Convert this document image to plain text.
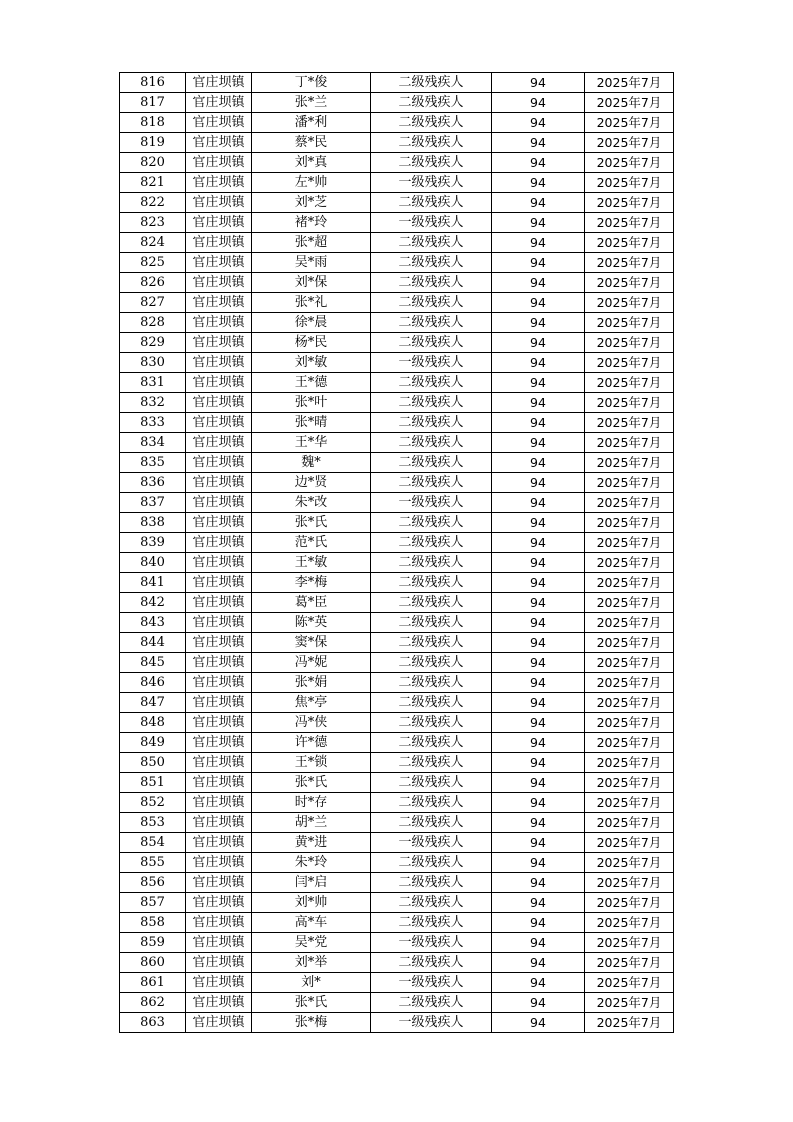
816	官庄坝镇	丁*俊	二级残疾人	94	2025年7月
817	官庄坝镇	张*兰	二级残疾人	94	2025年7月
818	官庄坝镇	潘*利	二级残疾人	94	2025年7月
819	官庄坝镇	蔡*民	二级残疾人	94	2025年7月
820	官庄坝镇	刘*真	二级残疾人	94	2025年7月
821	官庄坝镇	左*帅	一级残疾人	94	2025年7月
822	官庄坝镇	刘*芝	二级残疾人	94	2025年7月
823	官庄坝镇	褚*玲	一级残疾人	94	2025年7月
824	官庄坝镇	张*超	二级残疾人	94	2025年7月
825	官庄坝镇	吴*雨	二级残疾人	94	2025年7月
826	官庄坝镇	刘*保	二级残疾人	94	2025年7月
827	官庄坝镇	张*礼	二级残疾人	94	2025年7月
828	官庄坝镇	徐*晨	二级残疾人	94	2025年7月
829	官庄坝镇	杨*民	二级残疾人	94	2025年7月
830	官庄坝镇	刘*敏	一级残疾人	94	2025年7月
831	官庄坝镇	王*德	二级残疾人	94	2025年7月
832	官庄坝镇	张*叶	二级残疾人	94	2025年7月
833	官庄坝镇	张*晴	二级残疾人	94	2025年7月
834	官庄坝镇	王*华	二级残疾人	94	2025年7月
835	官庄坝镇	魏*	二级残疾人	94	2025年7月
836	官庄坝镇	边*贤	二级残疾人	94	2025年7月
837	官庄坝镇	朱*改	一级残疾人	94	2025年7月
838	官庄坝镇	张*氏	二级残疾人	94	2025年7月
839	官庄坝镇	范*氏	二级残疾人	94	2025年7月
840	官庄坝镇	王*敏	二级残疾人	94	2025年7月
841	官庄坝镇	李*梅	二级残疾人	94	2025年7月
842	官庄坝镇	葛*臣	二级残疾人	94	2025年7月
843	官庄坝镇	陈*英	二级残疾人	94	2025年7月
844	官庄坝镇	窦*保	二级残疾人	94	2025年7月
845	官庄坝镇	冯*妮	二级残疾人	94	2025年7月
846	官庄坝镇	张*娟	二级残疾人	94	2025年7月
847	官庄坝镇	焦*亭	二级残疾人	94	2025年7月
848	官庄坝镇	冯*侠	二级残疾人	94	2025年7月
849	官庄坝镇	许*德	二级残疾人	94	2025年7月
850	官庄坝镇	王*锁	二级残疾人	94	2025年7月
851	官庄坝镇	张*氏	二级残疾人	94	2025年7月
852	官庄坝镇	时*存	二级残疾人	94	2025年7月
853	官庄坝镇	胡*兰	二级残疾人	94	2025年7月
854	官庄坝镇	黄*进	一级残疾人	94	2025年7月
855	官庄坝镇	朱*玲	二级残疾人	94	2025年7月
856	官庄坝镇	闫*启	二级残疾人	94	2025年7月
857	官庄坝镇	刘*帅	二级残疾人	94	2025年7月
858	官庄坝镇	高*车	二级残疾人	94	2025年7月
859	官庄坝镇	吴*党	一级残疾人	94	2025年7月
860	官庄坝镇	刘*举	二级残疾人	94	2025年7月
861	官庄坝镇	刘*	一级残疾人	94	2025年7月
862	官庄坝镇	张*氏	二级残疾人	94	2025年7月
863	官庄坝镇	张*梅	一级残疾人	94	2025年7月
